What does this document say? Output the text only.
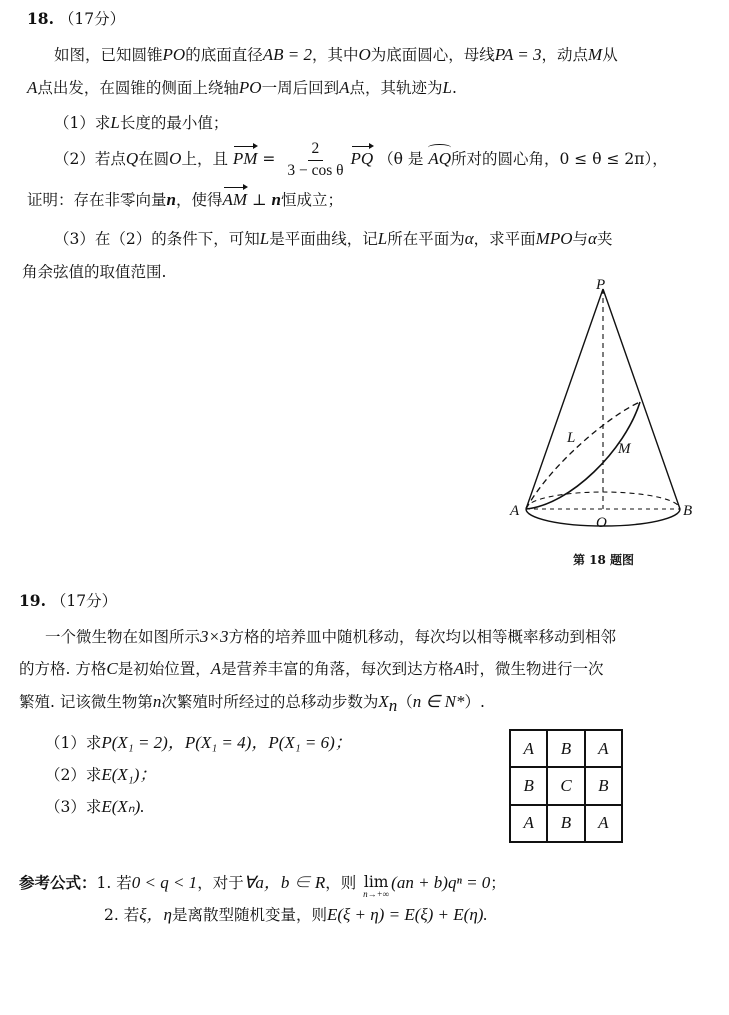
18. （17分）
如图，已知圆锥PO的底面直径AB = 2，其中O为底面圆心，母线PA = 3，动点M从
A点出发，在圆锥的侧面上绕轴PO一周后回到A点，其轨迹为L.
（1）求L长度的最小值；
（2）若点Q在圆O上，且 PM = $\frac{2}{\text{3 − cos θ}}$ PQ （θ 是 AQ所对的圆心角，0 ≤ θ ≤ 2π），
证明：存在非零向量n，使得AM ⊥ n恒成立；
（3）在（2）的条件下，可知L是平面曲线，记L所在平面为α，求平面MPO与α夹
角余弦值的取值范围.
P
A	B
O
L
M
第 18 题图
19. （17分）
一个微生物在如图所示3×3方格的培养皿中随机移动，每次均以相等概率移动到相邻
的方格. 方格C是初始位置，A是营养丰富的角落，每次到达方格A时，微生物进行一次
繁殖. 记该微生物第n次繁殖时所经过的总移动步数为$X_n(n$ ∈ N*）.
（1）求P(X₁ = 2)，P(X₁ = 4)，P(X₁ = 6)；
（2）求E(X₁)；
（3）求E(Xₙ).
A	B	A
B	C	B
A	B	A
参考公式：1. 若0 < q < 1，对于∀a，b ∈ R，则 lim
n→+∞
(an + b)qⁿ = 0；
2. 若ξ，η是离散型随机变量，则E(ξ + η) = E(ξ) + E(η).
